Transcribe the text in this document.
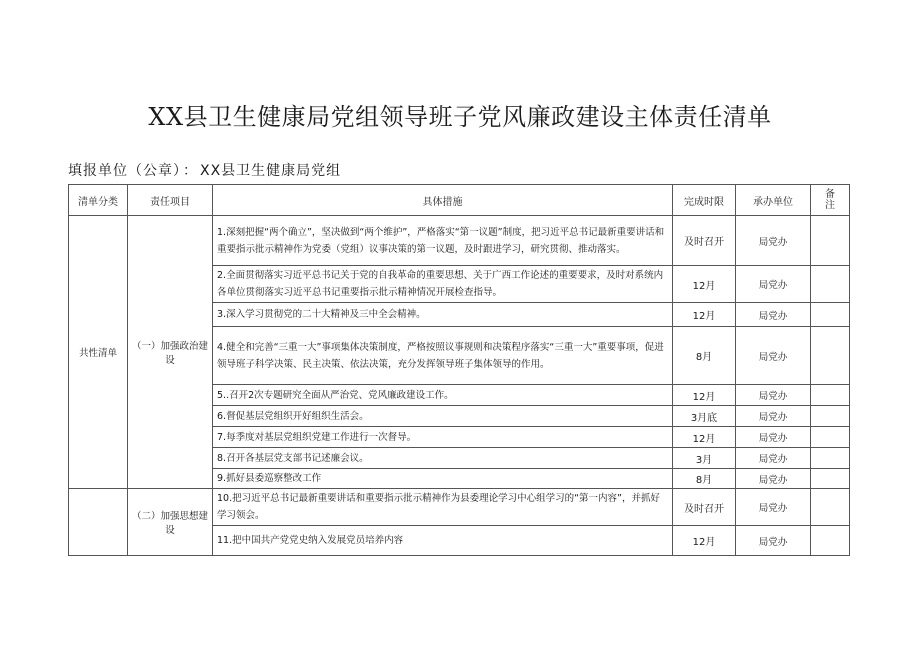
XX县卫生健康局党组领导班子党风廉政建设主体责任清单
填报单位（公章） ： XX县卫生健康局党组
清单分类	责任项目	具体措施	完成时限	承办单位	备注
共性清单	（一）加强政治建设	1.深刻把握“两个确立”，坚决做到“两个维护”，严格落实“第一议题”制度，把习近平总书记最新重要讲话和重要指示批示精神作为党委（党组）议事决策的第一议题，及时跟进学习，研究贯彻、推动落实。	及时召开	局党办	
		2.全面贯彻落实习近平总书记关于党的自我革命的重要思想、关于广西工作论述的重要要求，及时对系统内各单位贯彻落实习近平总书记重要指示批示精神情况开展检查指导。	12月	局党办	
		3.深入学习贯彻党的二十大精神及三中全会精神。	12月	局党办	
		4.健全和完善“三重一大”事项集体决策制度，严格按照议事规则和决策程序落实“三重一大”重要事项，促进领导班子科学决策、民主决策、依法决策，充分发挥领导班子集体领导的作用。	8月	局党办	
		5..召开2次专题研究全面从严治党、党风廉政建设工作。	12月	局党办	
		6.督促基层党组织开好组织生活会。	3月底	局党办	
		7.每季度对基层党组织党建工作进行一次督导。	12月	局党办	
		8.召开各基层党支部书记述廉会议。	3月	局党办	
		9.抓好县委巡察整改工作	8月	局党办	
	（二）加强思想建设	10.把习近平总书记最新重要讲话和重要指示批示精神作为县委理论学习中心组学习的“第一内容”，并抓好学习领会。	及时召开	局党办	
		11.把中国共产党党史纳入发展党员培养内容	12月	局党办	
